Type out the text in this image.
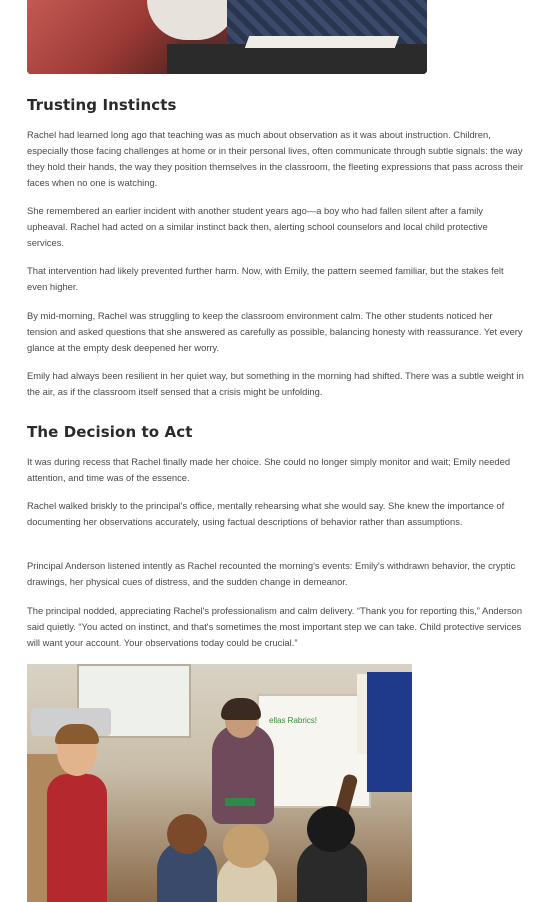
Trusting Instincts

Rachel had learned long ago that teaching was as much about observation as it was about instruction. Children, especially those facing challenges at home or in their personal lives, often communicate through subtle signals: the way they hold their hands, the way they position themselves in the classroom, the fleeting expressions that pass across their faces when no one is watching.

She remembered an earlier incident with another student years ago—a boy who had fallen silent after a family upheaval. Rachel had acted on a similar instinct back then, alerting school counselors and local child protective services.

That intervention had likely prevented further harm. Now, with Emily, the pattern seemed familiar, but the stakes felt even higher.

By mid-morning, Rachel was struggling to keep the classroom environment calm. The other students noticed her tension and asked questions that she answered as carefully as possible, balancing honesty with reassurance. Yet every glance at the empty desk deepened her worry.

Emily had always been resilient in her quiet way, but something in the morning had shifted. There was a subtle weight in the air, as if the classroom itself sensed that a crisis might be unfolding.

The Decision to Act

It was during recess that Rachel finally made her choice. She could no longer simply monitor and wait; Emily needed attention, and time was of the essence.

Rachel walked briskly to the principal's office, mentally rehearsing what she would say. She knew the importance of documenting her observations accurately, using factual descriptions of behavior rather than assumptions.

Principal Anderson listened intently as Rachel recounted the morning's events: Emily's withdrawn behavior, the cryptic drawings, her physical cues of distress, and the sudden change in demeanor.

The principal nodded, appreciating Rachel's professionalism and calm delivery. “Thank you for reporting this,” Anderson said quietly. “You acted on instinct, and that's sometimes the most important step we can take. Child protective services will want your account. Your observations today could be crucial.”

ellas Rabrics!
